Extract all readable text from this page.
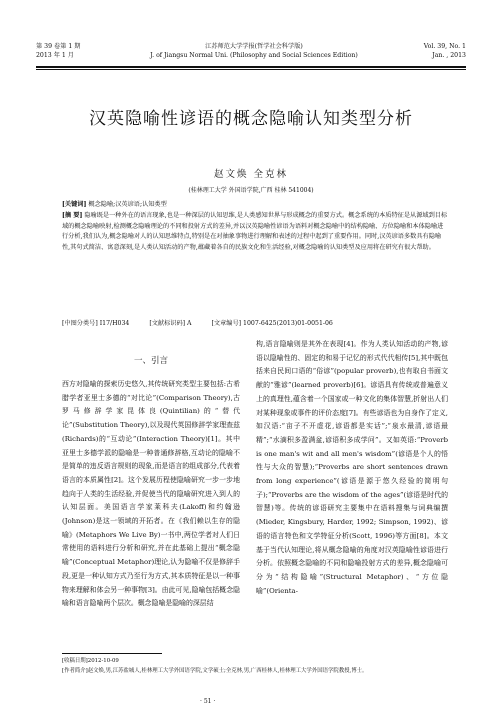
第 39 卷第 1 期
2013 年 1 月
江苏师范大学学报(哲学社会科学版)
J. of Jiangsu Normal Uni. (Philosophy and Social Sciences Edition)
Vol. 39, No. 1
Jan. , 2013
汉英隐喻性谚语的概念隐喻认知类型分析
赵文焕 全克林
(桂林理工大学 外国语学院,广西 桂林 541004)
[关键词] 概念隐喻;汉英谚语;认知类型
[摘 要] 隐喻既是一种外在的语言现象,也是一种深层的认知思维,是人类感知世界与形成概念的重要方式。概念系统的本质特征是从源域到目标域的概念隐喻映射,检测概念隐喻理论的不同和投射方式的差异,并以汉英隐喻性谚语为语料对概念隐喻中的结构隐喻、方位隐喻和本体隐喻进行分析,我们认为,概念隐喻对人的认知思维特点,特别是在对抽象事物进行理解和表述的过程中起到了重要作用。同时,汉英谚语多数具有隐喻性,其句式简洁、寓意深刻,是人类认知活动的产物,蕴藏着各自的民族文化和生活经验,对概念隐喻的认知类型及应用将在研究有很大帮助。
[中图分类号] I17/H034	[文献标识码] A	[文章编号] 1007-6425(2013)01-0051-06
一、引言
西方对隐喻的探索历史悠久,其传统研究类型主要包括:古希腊学者亚里士多德的“对比论”(Comparison Theory),古罗马修辞学家昆体良(Quintilian)的“替代论”(Substitution Theory),以及现代英国修辞学家理查兹(Richards)的“互动论”(Interaction Theory)[1]。其中亚里士多德学派的隐喻是一种普通修辞格,互动论的隐喻不是简单的违反语言规则的现象,而是语言的组成部分,代表着语言的本质属性[2]。这个发展历程使隐喻研究一步一步地趋向于人类的生活经验,并促使当代的隐喻研究进入到人的认知层面。美国语言学家莱科夫(Lakoff)和约翰逊(Johnson)是这一领域的开拓者。在《我们赖以生存的隐喻》(Metaphors We Live By)一书中,两位学者对人们日常使用的语料进行分析和研究,并在此基础上提出“概念隐喻”(Conceptual Metaphor)理论,认为隐喻不仅是修辞手段,更是一种认知方式乃至行为方式,其本质特征是以一种事物来理解和体会另一种事物[3]。由此可见,隐喻包括概念隐喻和语言隐喻两个层次。概念隐喻是隐喻的深层结
构,语言隐喻则是其外在表现[4]。作为人类认知活动的产物,谚语以隐喻性的、固定的和易于记忆的形式代代相传[5],其中既包括来自民间口语的“俗谚”(popular proverb),也有取自书面文献的“雅谚”(learned proverb)[6]。谚语具有传统或普遍意义上的真理性,蕴含着一个国家或一种文化的集体智慧,折射出人们对某种现象或事件的评价态度[7]。有些谚语也为自身作了定义,如汉语:“亩子不开虚花,谚语都是实话”;“泉水最清,谚语最精”;“水滴积多盈满盆,谚语积多成学问”。又如英语:“Proverb is one man's wit and all men's wisdom”(谚语是个人的悟性与大众的智慧);“Proverbs are short sentences drawn from long experience”(谚语是源于悠久经验的简明句子);“Proverbs are the wisdom of the ages”(谚语是时代的智慧)等。传统的谚语研究主要集中在语料搜集与词典编撰(Mieder, Kingsbury, Harder, 1992; Simpson, 1992)、谚语的语言特色和文学特征分析(Scott, 1996)等方面[8]。本文基于当代认知理论,将从概念隐喻的角度对汉英隐喻性谚语进行分析。依照概念隐喻的不同和隐喻投射方式的差异,概念隐喻可分为“结构隐喻”(Structural Metaphor)、“方位隐喻”(Orienta-
[收稿日期]2012-10-09
[作者简介]赵文焕,男,江苏盐城人,桂林理工大学外国语学院,文学硕士;全克林,男,广西桂林人,桂林理工大学外国语学院教授,博士。
· 51 ·
